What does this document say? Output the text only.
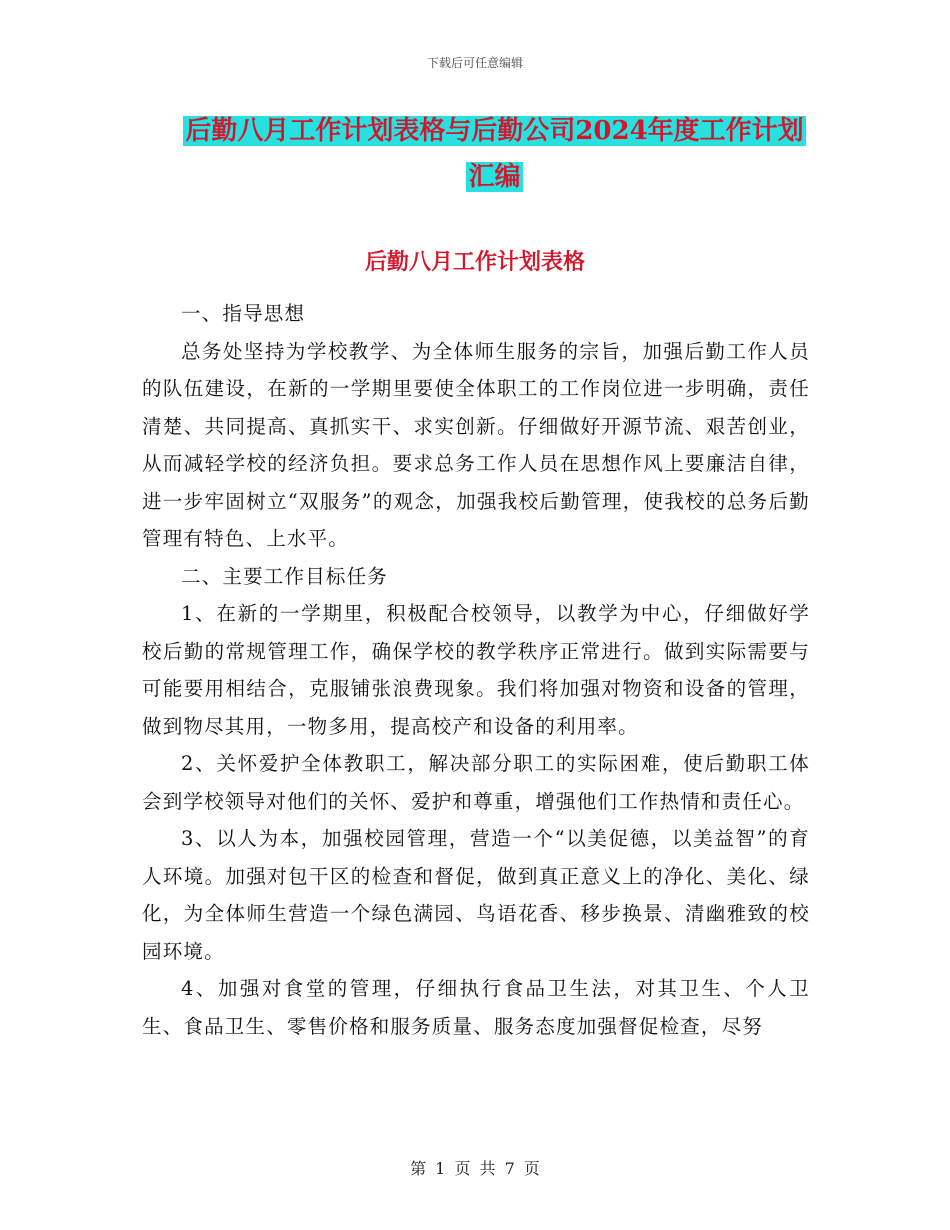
下载后可任意编辑
后勤八月工作计划表格与后勤公司2024年度工作计划
汇编
后勤八月工作计划表格

一、指导思想

总务处坚持为学校教学、为全体师生服务的宗旨，加强后勤工作人员的队伍建设，在新的一学期里要使全体职工的工作岗位进一步明确，责任清楚、共同提高、真抓实干、求实创新。仔细做好开源节流、艰苦创业，从而减轻学校的经济负担。要求总务工作人员在思想作风上要廉洁自律，进一步牢固树立“双服务”的观念，加强我校后勤管理，使我校的总务后勤管理有特色、上水平。

二、主要工作目标任务

1、在新的一学期里，积极配合校领导，以教学为中心，仔细做好学校后勤的常规管理工作，确保学校的教学秩序正常进行。做到实际需要与可能要用相结合，克服铺张浪费现象。我们将加强对物资和设备的管理，做到物尽其用，一物多用，提高校产和设备的利用率。

2、关怀爱护全体教职工，解决部分职工的实际困难，使后勤职工体会到学校领导对他们的关怀、爱护和尊重，增强他们工作热情和责任心。

3、以人为本，加强校园管理，营造一个“以美促德，以美益智”的育人环境。加强对包干区的检查和督促，做到真正意义上的净化、美化、绿化，为全体师生营造一个绿色满园、鸟语花香、移步换景、清幽雅致的校园环境。

4、加强对食堂的管理，仔细执行食品卫生法，对其卫生、个人卫生、食品卫生、零售价格和服务质量、服务态度加强督促检查，尽努

第 1 页 共 7 页
